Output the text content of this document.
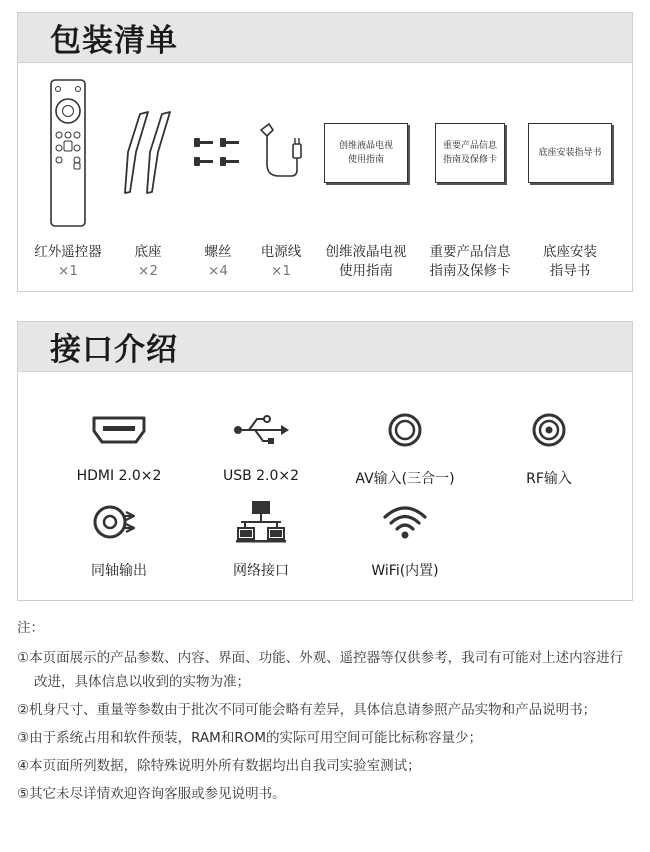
包装清单
红外遥控器
×1
底座
×2
螺丝
×4
电源线
×1
创维液晶电视
使用指南
创维液晶电视
使用指南
重要产品信息
指南及保修卡
重要产品信息
指南及保修卡
底座安装指导书
底座安装
指导书
接口介绍
HDMI 2.0×2	USB 2.0×2	AV输入(三合一)	RF输入
同轴输出	网络接口	WiFi(内置)
注：
①本页面展示的产品参数、内容、界面、功能、外观、遥控器等仅供参考，我司有可能对上述内容进行改进，具体信息以收到的实物为准；
②机身尺寸、重量等参数由于批次不同可能会略有差异，具体信息请参照产品实物和产品说明书；
③由于系统占用和软件预装，RAM和ROM的实际可用空间可能比标称容量少；
④本页面所列数据，除特殊说明外所有数据均出自我司实验室测试；
⑤其它未尽详情欢迎咨询客服或参见说明书。
